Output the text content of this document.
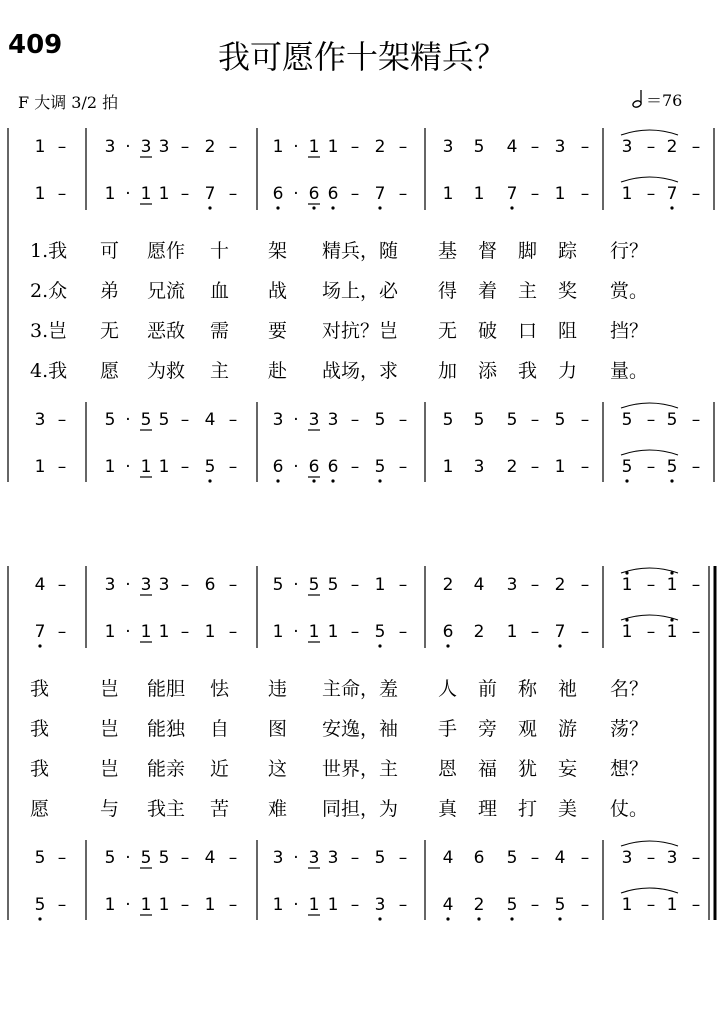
409	我可愿作十架精兵？
F 大调 3/2 拍	＝76
1 – 3 · 3 3 – 2 – 1 · 1 1 – 2 – 3 5 4 – 3 – 3 – 2 –
1 – 1 · 1 1 – 7 – 6 · 6 6 – 7 – 1 1 7 – 1 – 1 – 7 –
3 – 5 · 5 5 – 4 – 3 · 3 3 – 5 – 5 5 5 – 5 – 5 – 5 –
1 – 1 · 1 1 – 5 – 6 · 6 6 – 5 – 1 3 2 – 1 – 5 – 5 –
1.我 可 愿作 十 架 精兵，随 基 督 脚 踪 行？
2.众 弟 兄流 血 战 场上，必 得 着 主 奖 赏。
3.岂 无 恶敌 需 要 对抗？岂 无 破 口 阻 挡？
4.我 愿 为救 主 赴 战场，求 加 添 我 力 量。
4 – 3 · 3 3 – 6 – 5 · 5 5 – 1 – 2 4 3 – 2 – 1 – 1 –
7 – 1 · 1 1 – 1 – 1 · 1 1 – 5 – 6 2 1 – 7 – 1 – 1 –
5 – 5 · 5 5 – 4 – 3 · 3 3 – 5 – 4 6 5 – 4 – 3 – 3 –
5 – 1 · 1 1 – 1 – 1 · 1 1 – 3 – 4 2 5 – 5 – 1 – 1 –
我	岂 能胆 怯 违 主命，羞 人 前 称 祂 名？
我	岂 能独 自 图 安逸，袖 手 旁 观 游 荡？
我	岂 能亲 近 这 世界，主 恩 福 犹 妄 想？
愿	与 我主 苦 难 同担，为 真 理 打 美 仗。
